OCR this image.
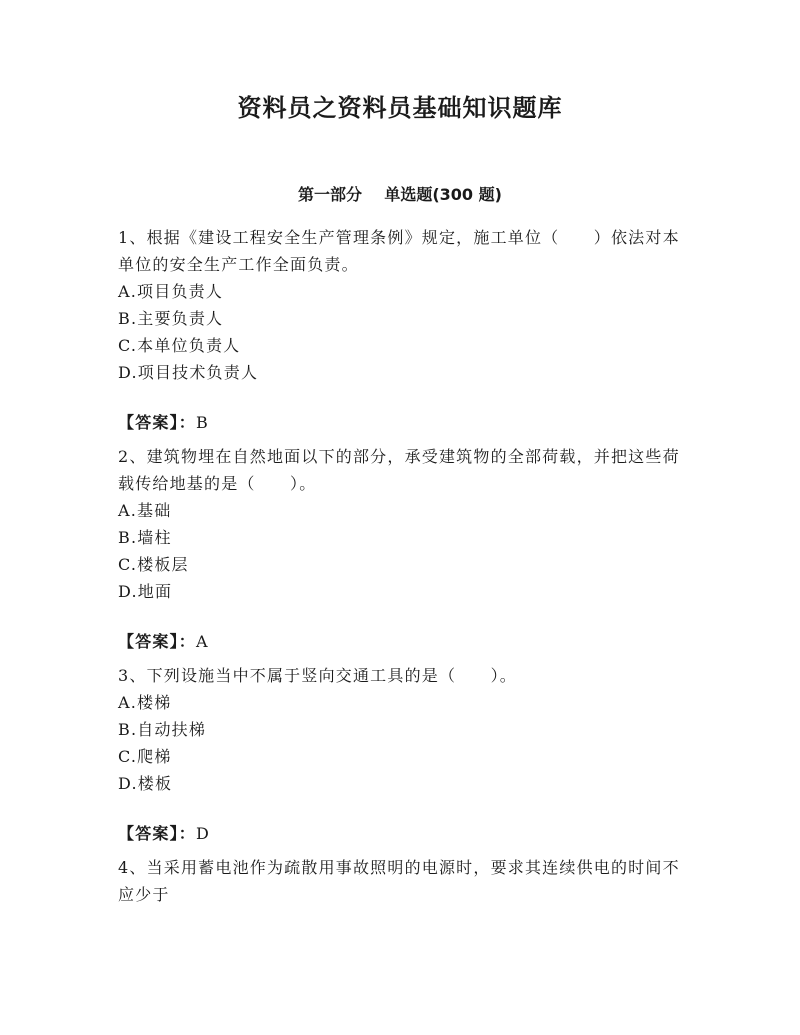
资料员之资料员基础知识题库
第一部分    单选题(300 题)

1、根据《建设工程安全生产管理条例》规定，施工单位（　　）依法对本单位的安全生产工作全面负责。

A.项目负责人

B.主要负责人

C.本单位负责人

D.项目技术负责人

【答案】：B

2、建筑物埋在自然地面以下的部分，承受建筑物的全部荷载，并把这些荷载传给地基的是（　　）。

A.基础

B.墙柱

C.楼板层

D.地面

【答案】：A

3、下列设施当中不属于竖向交通工具的是（　　）。

A.楼梯

B.自动扶梯

C.爬梯

D.楼板

【答案】：D

4、当采用蓄电池作为疏散用事故照明的电源时，要求其连续供电的时间不应少于
